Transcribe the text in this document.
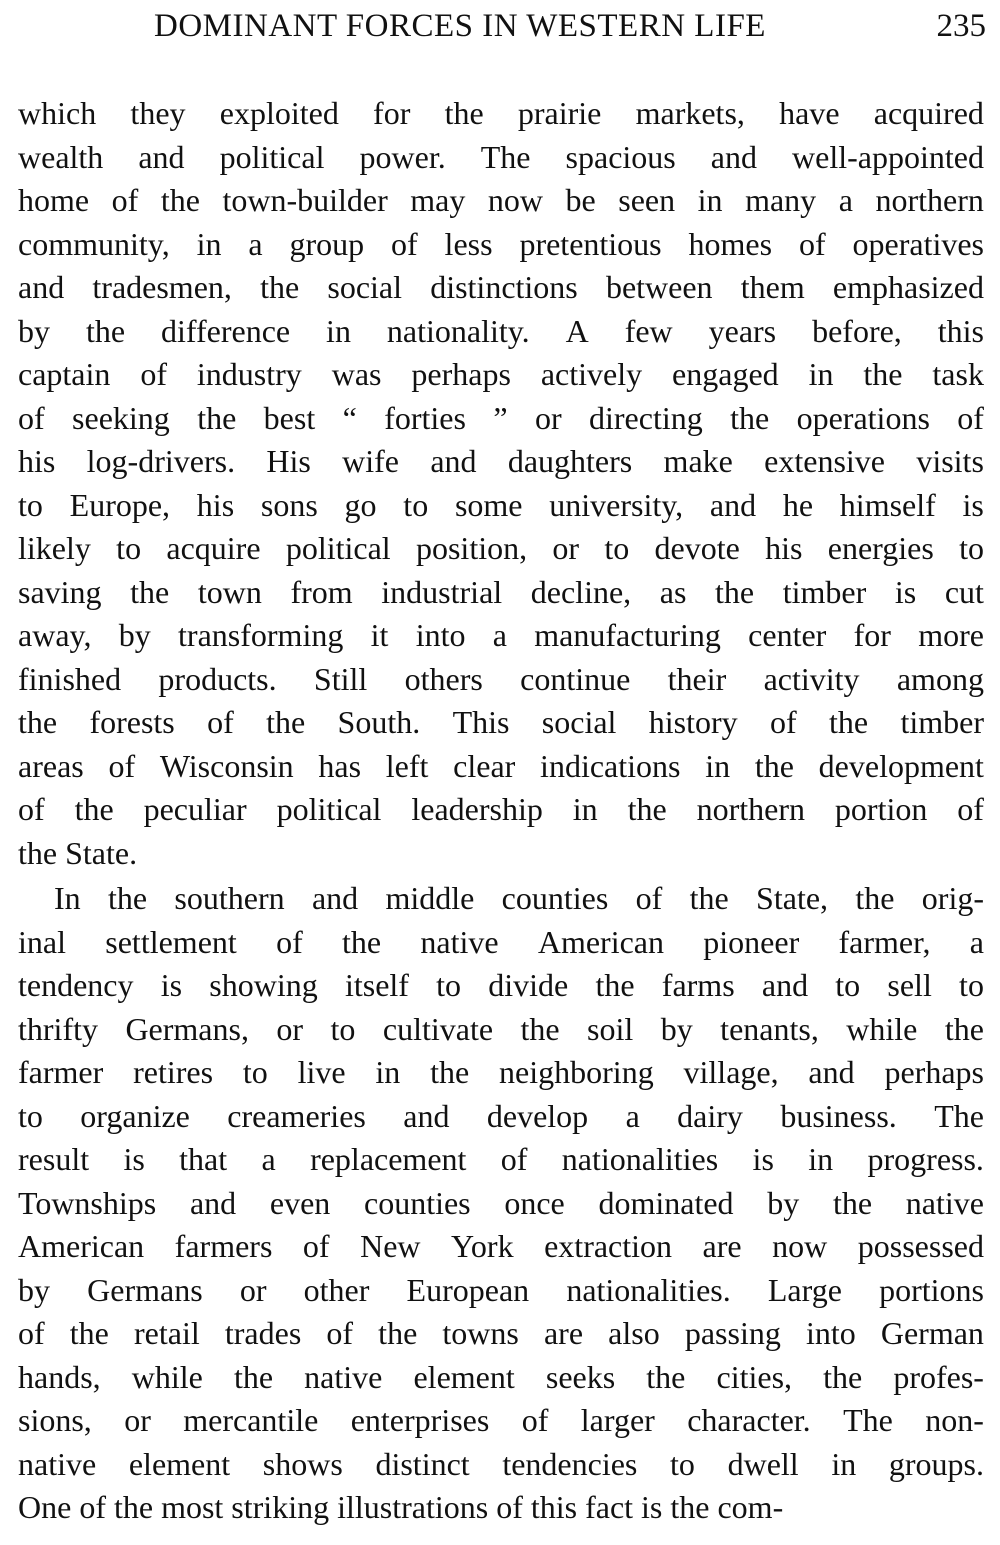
DOMINANT FORCES IN WESTERN LIFE	235
which they exploited for the prairie markets, have acquired
wealth and political power. The spacious and well-appointed
home of the town-builder may now be seen in many a northern
community, in a group of less pretentious homes of operatives
and tradesmen, the social distinctions between them emphasized
by the difference in nationality. A few years before, this
captain of industry was perhaps actively engaged in the task
of seeking the best “ forties ” or directing the operations of
his log-drivers. His wife and daughters make extensive visits
to Europe, his sons go to some university, and he himself is
likely to acquire political position, or to devote his energies to
saving the town from industrial decline, as the timber is cut
away, by transforming it into a manufacturing center for more
finished products. Still others continue their activity among
the forests of the South. This social history of the timber
areas of Wisconsin has left clear indications in the development
of the peculiar political leadership in the northern portion of
the State.
In the southern and middle counties of the State, the orig-
inal settlement of the native American pioneer farmer, a
tendency is showing itself to divide the farms and to sell to
thrifty Germans, or to cultivate the soil by tenants, while the
farmer retires to live in the neighboring village, and perhaps
to organize creameries and develop a dairy business. The
result is that a replacement of nationalities is in progress.
Townships and even counties once dominated by the native
American farmers of New York extraction are now possessed
by Germans or other European nationalities. Large portions
of the retail trades of the towns are also passing into German
hands, while the native element seeks the cities, the profes-
sions, or mercantile enterprises of larger character. The non-
native element shows distinct tendencies to dwell in groups.
One of the most striking illustrations of this fact is the com-
